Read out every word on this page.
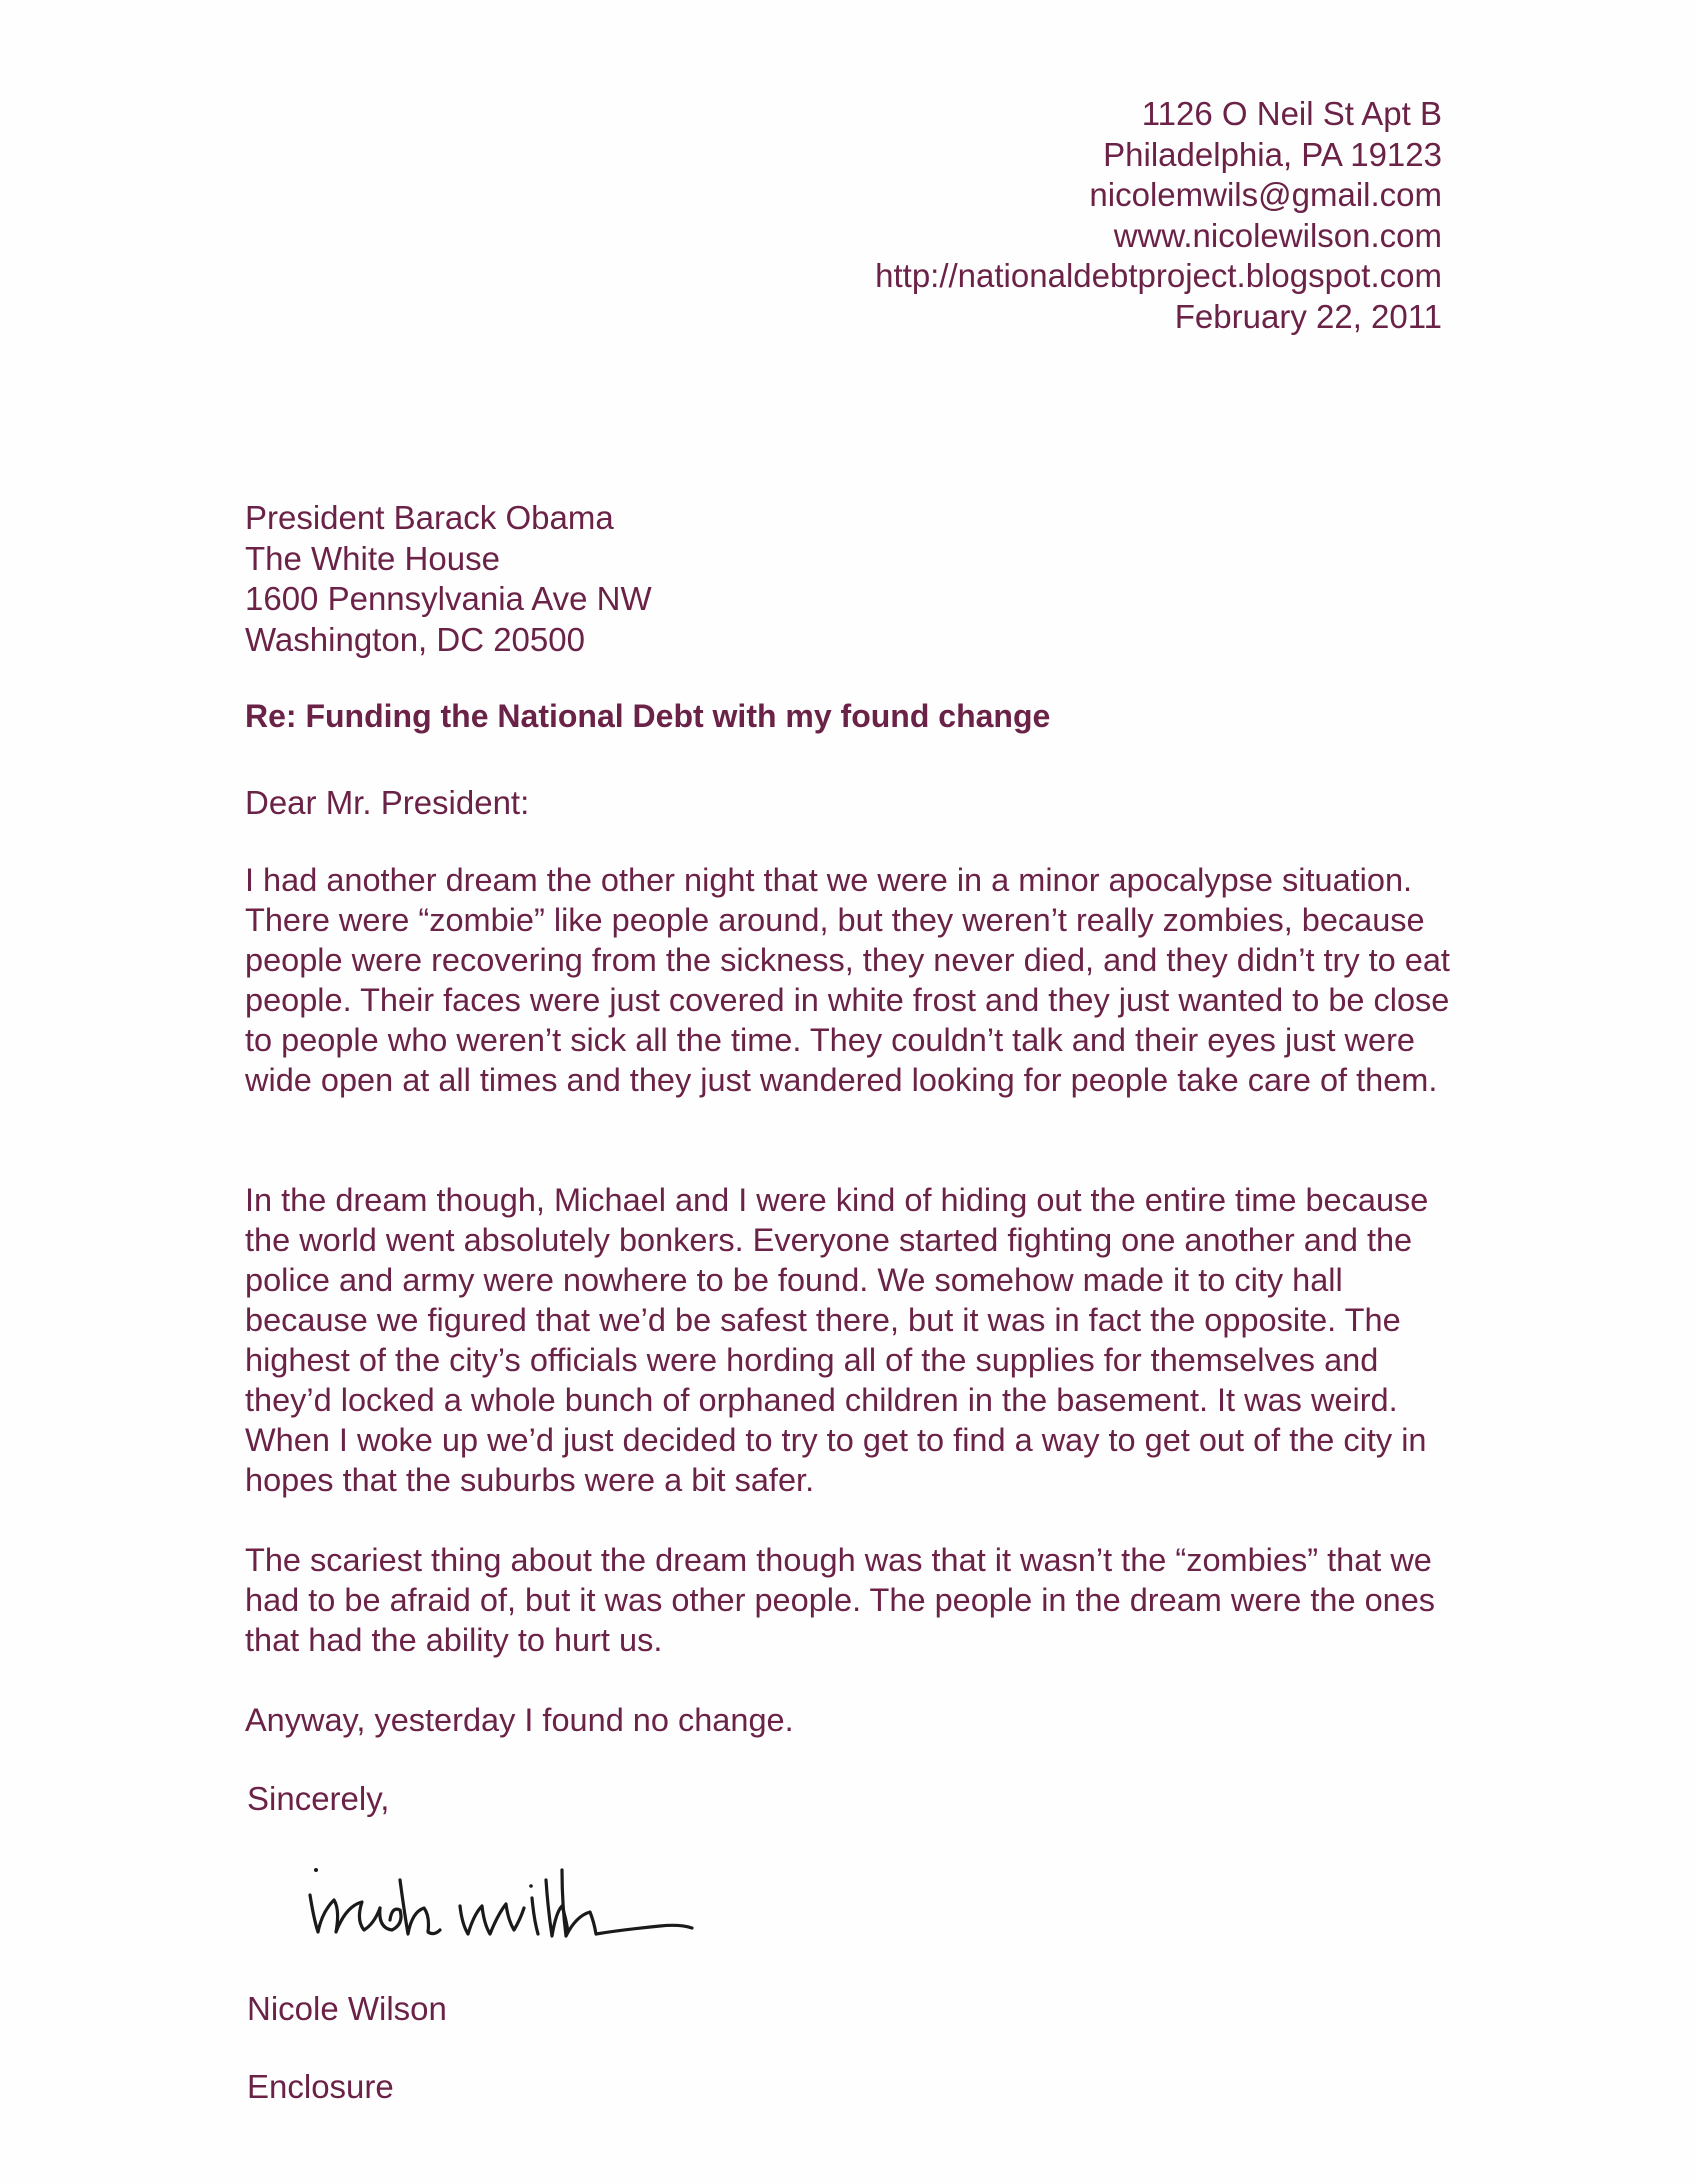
1126 O Neil St Apt B
Philadelphia, PA 19123
nicolemwils@gmail.com
www.nicolewilson.com
http://nationaldebtproject.blogspot.com
February 22, 2011
President Barack Obama
The White House
1600 Pennsylvania Ave NW
Washington, DC 20500
Re: Funding the National Debt with my found change
Dear Mr. President:

I had another dream the other night that we were in a minor apocalypse situation. There were “zombie” like people around, but they weren’t really zombies, because people were recovering from the sickness, they never died, and they didn’t try to eat people. Their faces were just covered in white frost and they just wanted to be close to people who weren’t sick all the time. They couldn’t talk and their eyes just were wide open at all times and they just wandered looking for people take care of them.

In the dream though, Michael and I were kind of hiding out the entire time because the world went absolutely bonkers. Everyone started fighting one another and the police and army were nowhere to be found. We somehow made it to city hall because we figured that we’d be safest there, but it was in fact the opposite. The highest of the city’s officials were hording all of the supplies for themselves and they’d locked a whole bunch of orphaned children in the basement. It was weird. When I woke up we’d just decided to try to get to find a way to get out of the city in hopes that the suburbs were a bit safer.

The scariest thing about the dream though was that it wasn’t the “zombies” that we had to be afraid of, but it was other people. The people in the dream were the ones that had the ability to hurt us.

Anyway, yesterday I found no change.

Sincerely,
Nicole Wilson
Enclosure
